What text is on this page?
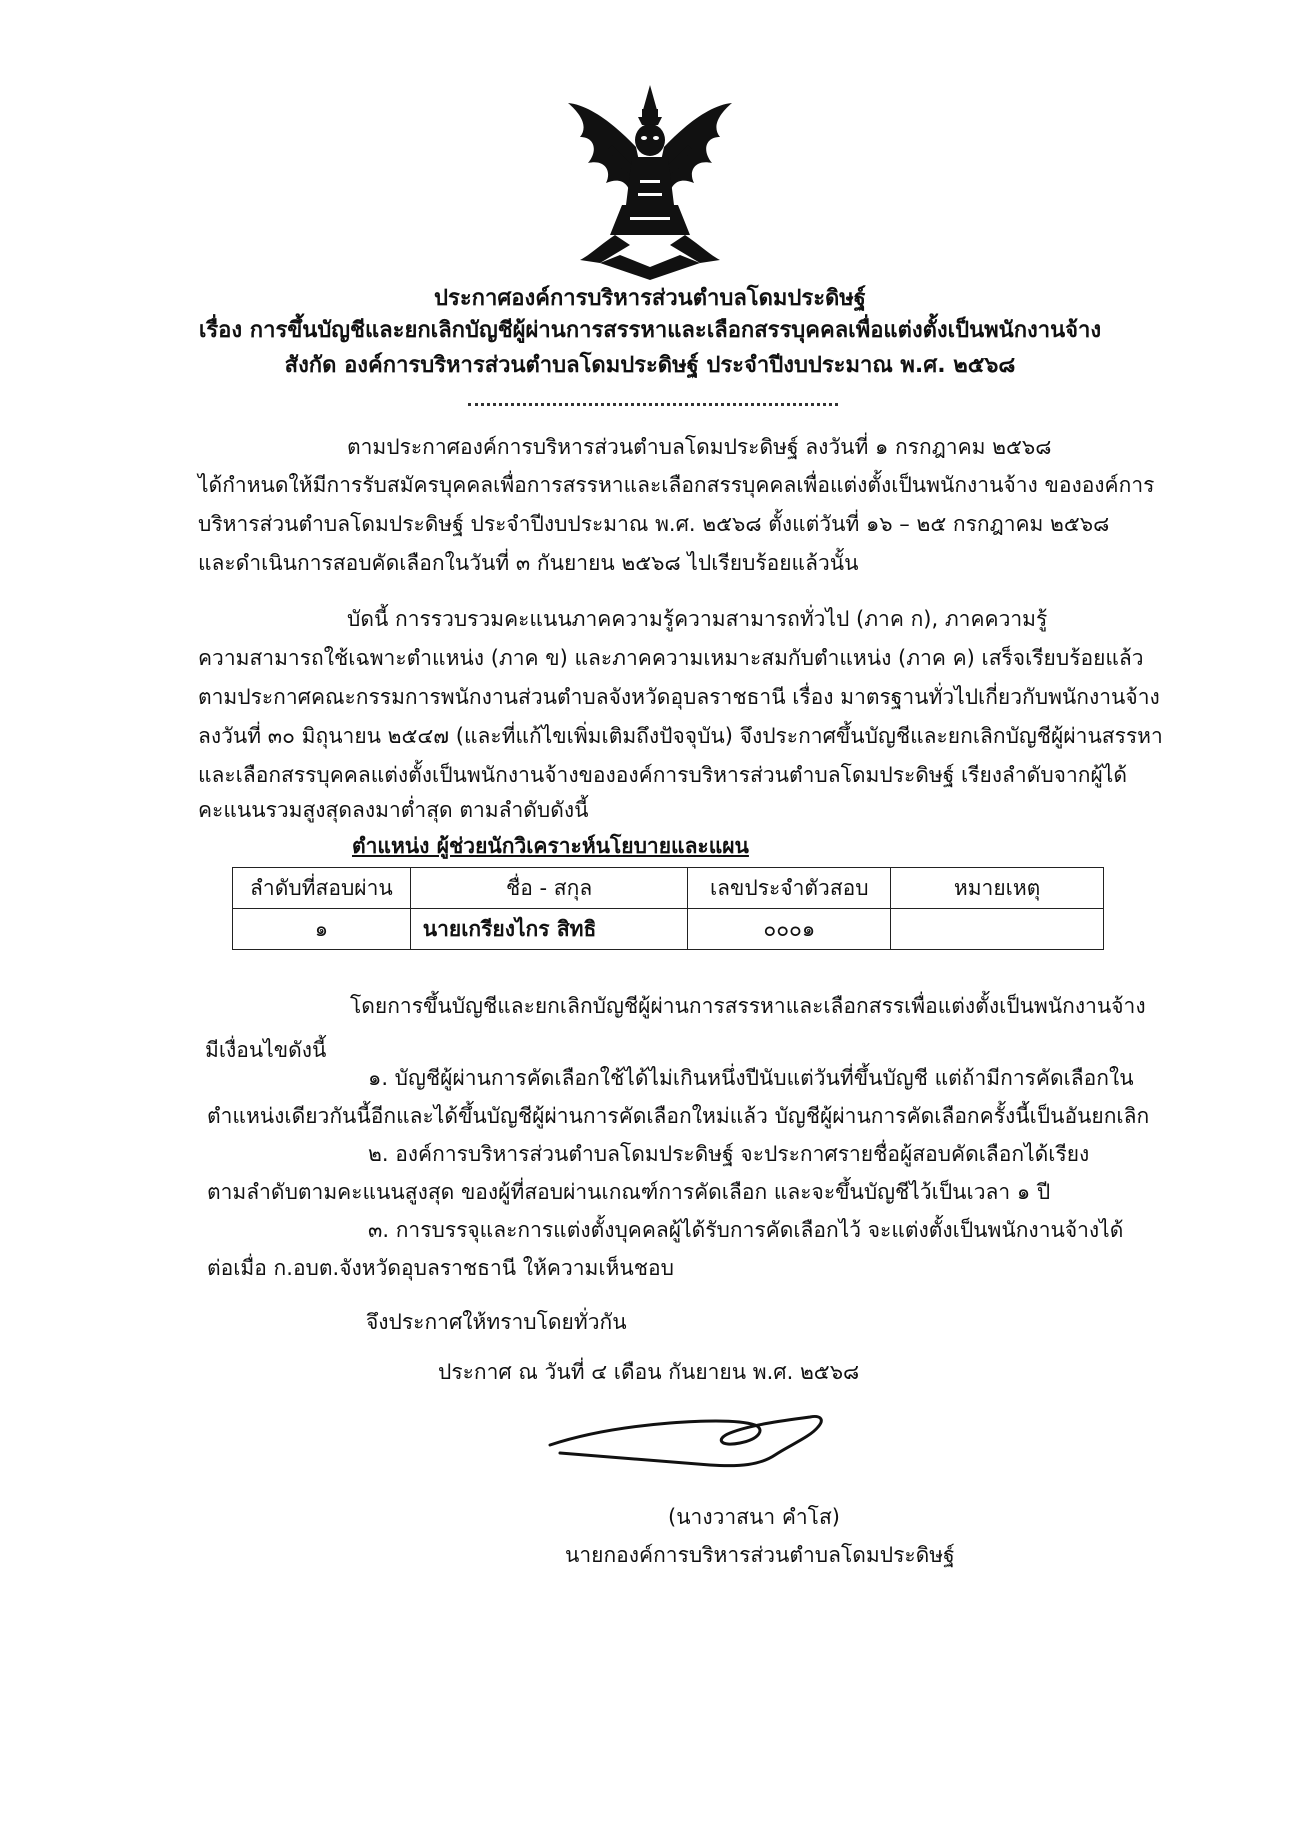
ประกาศองค์การบริหารส่วนตำบลโดมประดิษฐ์
เรื่อง การขึ้นบัญชีและยกเลิกบัญชีผู้ผ่านการสรรหาและเลือกสรรบุคคลเพื่อแต่งตั้งเป็นพนักงานจ้าง
สังกัด องค์การบริหารส่วนตำบลโดมประดิษฐ์ ประจำปีงบประมาณ พ.ศ. ๒๕๖๘
ตามประกาศองค์การบริหารส่วนตำบลโดมประดิษฐ์ ลงวันที่ ๑ กรกฎาคม ๒๕๖๘
ได้กำหนดให้มีการรับสมัครบุคคลเพื่อการสรรหาและเลือกสรรบุคคลเพื่อแต่งตั้งเป็นพนักงานจ้าง ขององค์การ
บริหารส่วนตำบลโดมประดิษฐ์ ประจำปีงบประมาณ พ.ศ. ๒๕๖๘ ตั้งแต่วันที่ ๑๖ – ๒๕ กรกฎาคม ๒๕๖๘
และดำเนินการสอบคัดเลือกในวันที่ ๓ กันยายน ๒๕๖๘ ไปเรียบร้อยแล้วนั้น
บัดนี้ การรวบรวมคะแนนภาคความรู้ความสามารถทั่วไป (ภาค ก), ภาคความรู้
ความสามารถใช้เฉพาะตำแหน่ง (ภาค ข) และภาคความเหมาะสมกับตำแหน่ง (ภาค ค) เสร็จเรียบร้อยแล้ว
ตามประกาศคณะกรรมการพนักงานส่วนตำบลจังหวัดอุบลราชธานี เรื่อง มาตรฐานทั่วไปเกี่ยวกับพนักงานจ้าง
ลงวันที่ ๓๐ มิถุนายน ๒๕๔๗ (และที่แก้ไขเพิ่มเติมถึงปัจจุบัน) จึงประกาศขึ้นบัญชีและยกเลิกบัญชีผู้ผ่านสรรหา
และเลือกสรรบุคคลแต่งตั้งเป็นพนักงานจ้างขององค์การบริหารส่วนตำบลโดมประดิษฐ์ เรียงลำดับจากผู้ได้
คะแนนรวมสูงสุดลงมาต่ำสุด ตามลำดับดังนี้
ตำแหน่ง ผู้ช่วยนักวิเคราะห์นโยบายและแผน
ลำดับที่สอบผ่าน	ชื่อ - สกุล	เลขประจำตัวสอบ	หมายเหตุ
๑	นายเกรียงไกร สิทธิ	๐๐๐๑	
โดยการขึ้นบัญชีและยกเลิกบัญชีผู้ผ่านการสรรหาและเลือกสรรเพื่อแต่งตั้งเป็นพนักงานจ้าง
มีเงื่อนไขดังนี้
๑. บัญชีผู้ผ่านการคัดเลือกใช้ได้ไม่เกินหนึ่งปีนับแต่วันที่ขึ้นบัญชี แต่ถ้ามีการคัดเลือกใน
ตำแหน่งเดียวกันนี้อีกและได้ขึ้นบัญชีผู้ผ่านการคัดเลือกใหม่แล้ว บัญชีผู้ผ่านการคัดเลือกครั้งนี้เป็นอันยกเลิก
๒. องค์การบริหารส่วนตำบลโดมประดิษฐ์ จะประกาศรายชื่อผู้สอบคัดเลือกได้เรียง
ตามลำดับตามคะแนนสูงสุด ของผู้ที่สอบผ่านเกณฑ์การคัดเลือก และจะขึ้นบัญชีไว้เป็นเวลา ๑ ปี
๓. การบรรจุและการแต่งตั้งบุคคลผู้ได้รับการคัดเลือกไว้ จะแต่งตั้งเป็นพนักงานจ้างได้
ต่อเมื่อ ก.อบต.จังหวัดอุบลราชธานี ให้ความเห็นชอบ
จึงประกาศให้ทราบโดยทั่วกัน
ประกาศ ณ วันที่ ๔ เดือน กันยายน พ.ศ. ๒๕๖๘
(นางวาสนา คำโส)
นายกองค์การบริหารส่วนตำบลโดมประดิษฐ์
